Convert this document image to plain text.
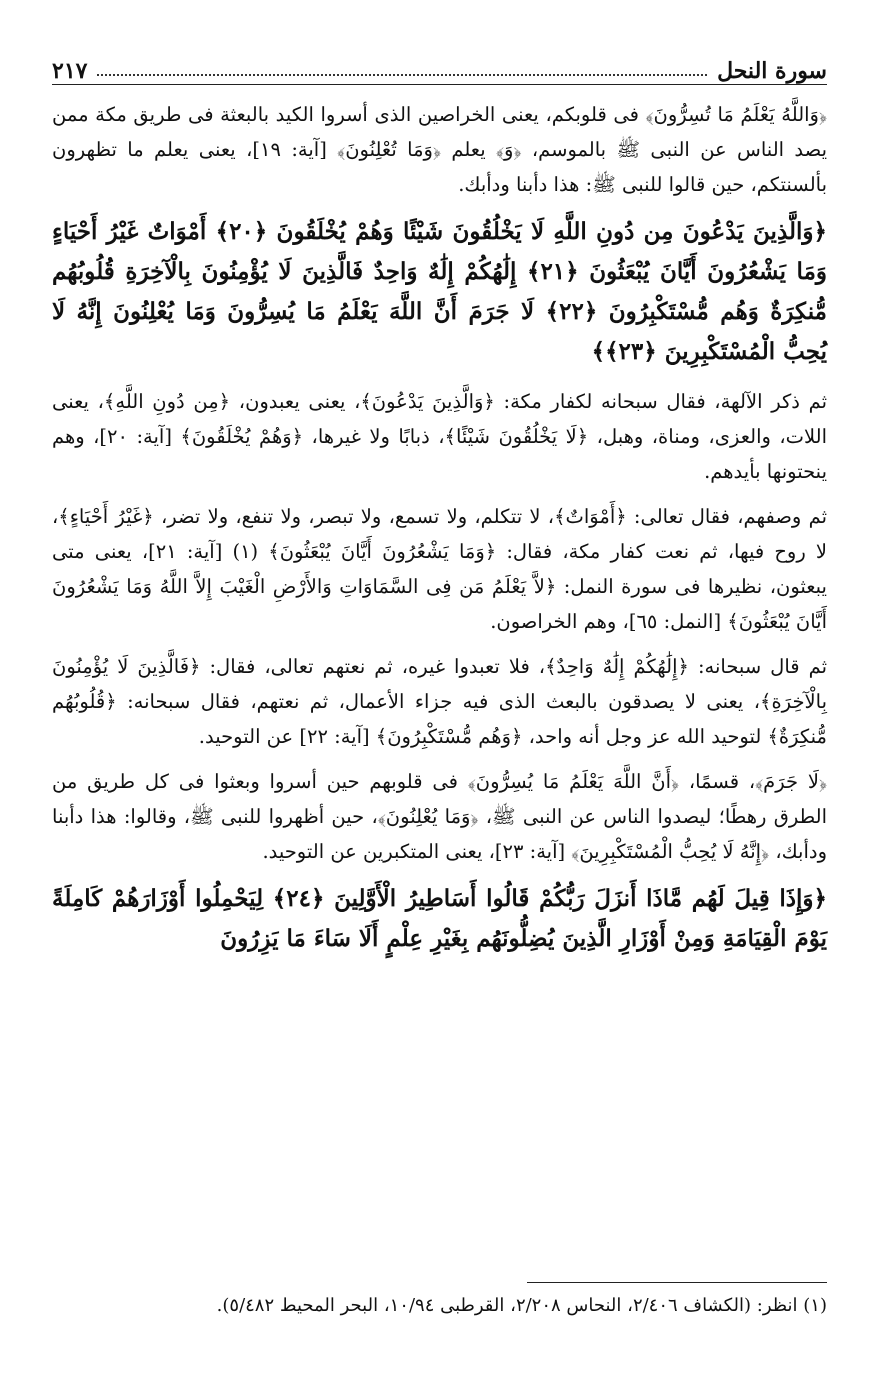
سورة النحل
٢١٧

﴿وَاللَّهُ يَعْلَمُ مَا تُسِرُّونَ﴾ فى قلوبكم، يعنى الخراصين الذى أسروا الكيد بالبعثة فى طريق مكة ممن يصد الناس عن النبى ﷺ بالموسم، ﴿وَ﴾ يعلم ﴿وَمَا تُعْلِنُونَ﴾ [آية: ١٩]، يعنى يعلم ما تظهرون بألسنتكم، حين قالوا للنبى ﷺ: هذا دأبنا ودأبك.

﴿وَالَّذِينَ يَدْعُونَ مِن دُونِ اللَّهِ لَا يَخْلُقُونَ شَيْئًا وَهُمْ يُخْلَقُونَ ﴿٢٠﴾ أَمْوَاتٌ غَيْرُ أَحْيَاءٍ وَمَا يَشْعُرُونَ أَيَّانَ يُبْعَثُونَ ﴿٢١﴾ إِلَٰهُكُمْ إِلَٰهٌ وَاحِدٌ فَالَّذِينَ لَا يُؤْمِنُونَ بِالْآخِرَةِ قُلُوبُهُم مُّنكِرَةٌ وَهُم مُّسْتَكْبِرُونَ ﴿٢٢﴾ لَا جَرَمَ أَنَّ اللَّهَ يَعْلَمُ مَا يُسِرُّونَ وَمَا يُعْلِنُونَ إِنَّهُ لَا يُحِبُّ الْمُسْتَكْبِرِينَ ﴿٢٣﴾﴾

ثم ذكر الآلهة، فقال سبحانه لكفار مكة: ﴿وَالَّذِينَ يَدْعُونَ﴾، يعنى يعبدون، ﴿مِن دُونِ اللَّهِ﴾، يعنى اللات، والعزى، ومناة، وهبل، ﴿لَا يَخْلُقُونَ شَيْئًا﴾، ذبابًا ولا غيرها، ﴿وَهُمْ يُخْلَقُونَ﴾ [آية: ٢٠]، وهم ينحتونها بأيدهم.

ثم وصفهم، فقال تعالى: ﴿أَمْوَاتٌ﴾، لا تتكلم، ولا تسمع، ولا تبصر، ولا تنفع، ولا تضر، ﴿غَيْرُ أَحْيَاءٍ﴾، لا روح فيها، ثم نعت كفار مكة، فقال: ﴿وَمَا يَشْعُرُونَ أَيَّانَ يُبْعَثُونَ﴾ (١) [آية: ٢١]، يعنى متى يبعثون، نظيرها فى سورة النمل: ﴿لاَّ يَعْلَمُ مَن فِى السَّمَاوَاتِ وَالأَرْضِ الْغَيْبَ إِلاَّ اللَّهُ وَمَا يَشْعُرُونَ أَيَّانَ يُبْعَثُونَ﴾ [النمل: ٦٥]، وهم الخراصون.

ثم قال سبحانه: ﴿إِلَٰهُكُمْ إِلَٰهٌ وَاحِدٌ﴾، فلا تعبدوا غيره، ثم نعتهم تعالى، فقال: ﴿فَالَّذِينَ لَا يُؤْمِنُونَ بِالْآخِرَةِ﴾، يعنى لا يصدقون بالبعث الذى فيه جزاء الأعمال، ثم نعتهم، فقال سبحانه: ﴿قُلُوبُهُم مُّنكِرَةٌ﴾ لتوحيد الله عز وجل أنه واحد، ﴿وَهُم مُّسْتَكْبِرُونَ﴾ [آية: ٢٢] عن التوحيد.

﴿لَا جَرَمَ﴾، قسمًا، ﴿أَنَّ اللَّهَ يَعْلَمُ مَا يُسِرُّونَ﴾ فى قلوبهم حين أسروا وبعثوا فى كل طريق من الطرق رهطًا؛ ليصدوا الناس عن النبى ﷺ، ﴿وَمَا يُعْلِنُونَ﴾، حين أظهروا للنبى ﷺ، وقالوا: هذا دأبنا ودأبك، ﴿إِنَّهُ لَا يُحِبُّ الْمُسْتَكْبِرِينَ﴾ [آية: ٢٣]، يعنى المتكبرين عن التوحيد.

﴿وَإِذَا قِيلَ لَهُم مَّاذَا أَنزَلَ رَبُّكُمْ قَالُوا أَسَاطِيرُ الْأَوَّلِينَ ﴿٢٤﴾ لِيَحْمِلُوا أَوْزَارَهُمْ كَامِلَةً يَوْمَ الْقِيَامَةِ وَمِنْ أَوْزَارِ الَّذِينَ يُضِلُّونَهُم بِغَيْرِ عِلْمٍ أَلَا سَاءَ مَا يَزِرُونَ
(١) انظر: (الكشاف ٢/٤٠٦، النحاس ٢/٢٠٨، القرطبى ١٠/٩٤، البحر المحيط ٥/٤٨٢).
